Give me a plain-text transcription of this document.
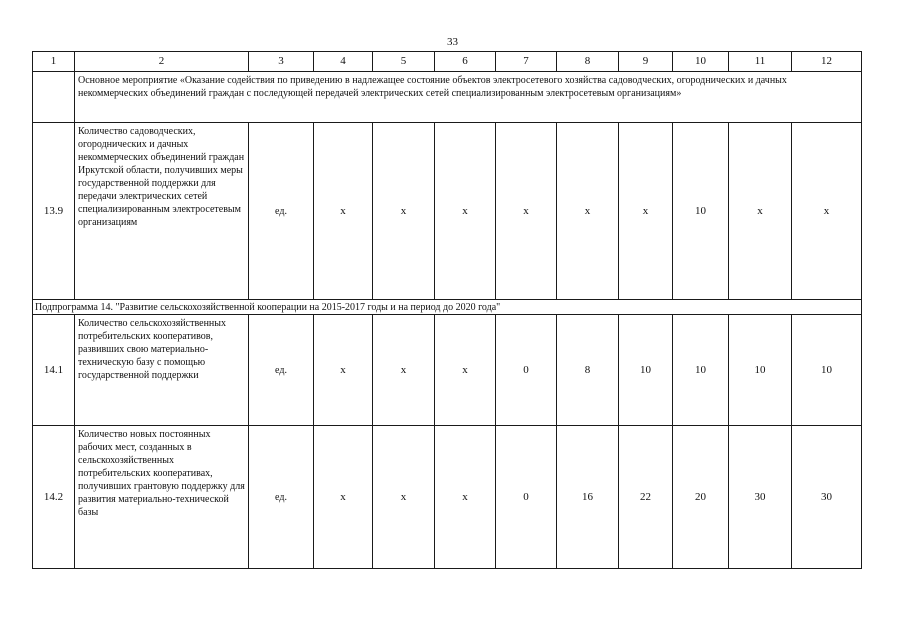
33
1	2	3	4	5	6	7	8	9	10	11	12
	Основное мероприятие «Оказание содействия по приведению в надлежащее состояние объектов электросетевого хозяйства садоводческих, огороднических и дачных некоммерческих объединений граждан с последующей передачей электрических сетей специализированным электросетевым организациям»										
13.9	Количество садоводческих, огороднических и дачных некоммерческих объединений граждан Иркутской области, получивших меры государственной поддержки для передачи электрических сетей специализированным электросетевым организациям	ед.	х	х	х	х	х	х	10	х	х
Подпрограмма 14. "Развитие сельскохозяйственной кооперации на 2015-2017 годы и на период до 2020 года"											
14.1	Количество сельскохозяйственных потребительских кооперативов, развивших свою материально-техническую базу с помощью государственной поддержки	ед.	х	х	х	0	8	10	10	10	10
14.2	Количество новых постоянных рабочих мест, созданных в сельскохозяйственных потребительских кооперативах, получивших грантовую поддержку для развития материально-технической базы	ед.	х	х	х	0	16	22	20	30	30
